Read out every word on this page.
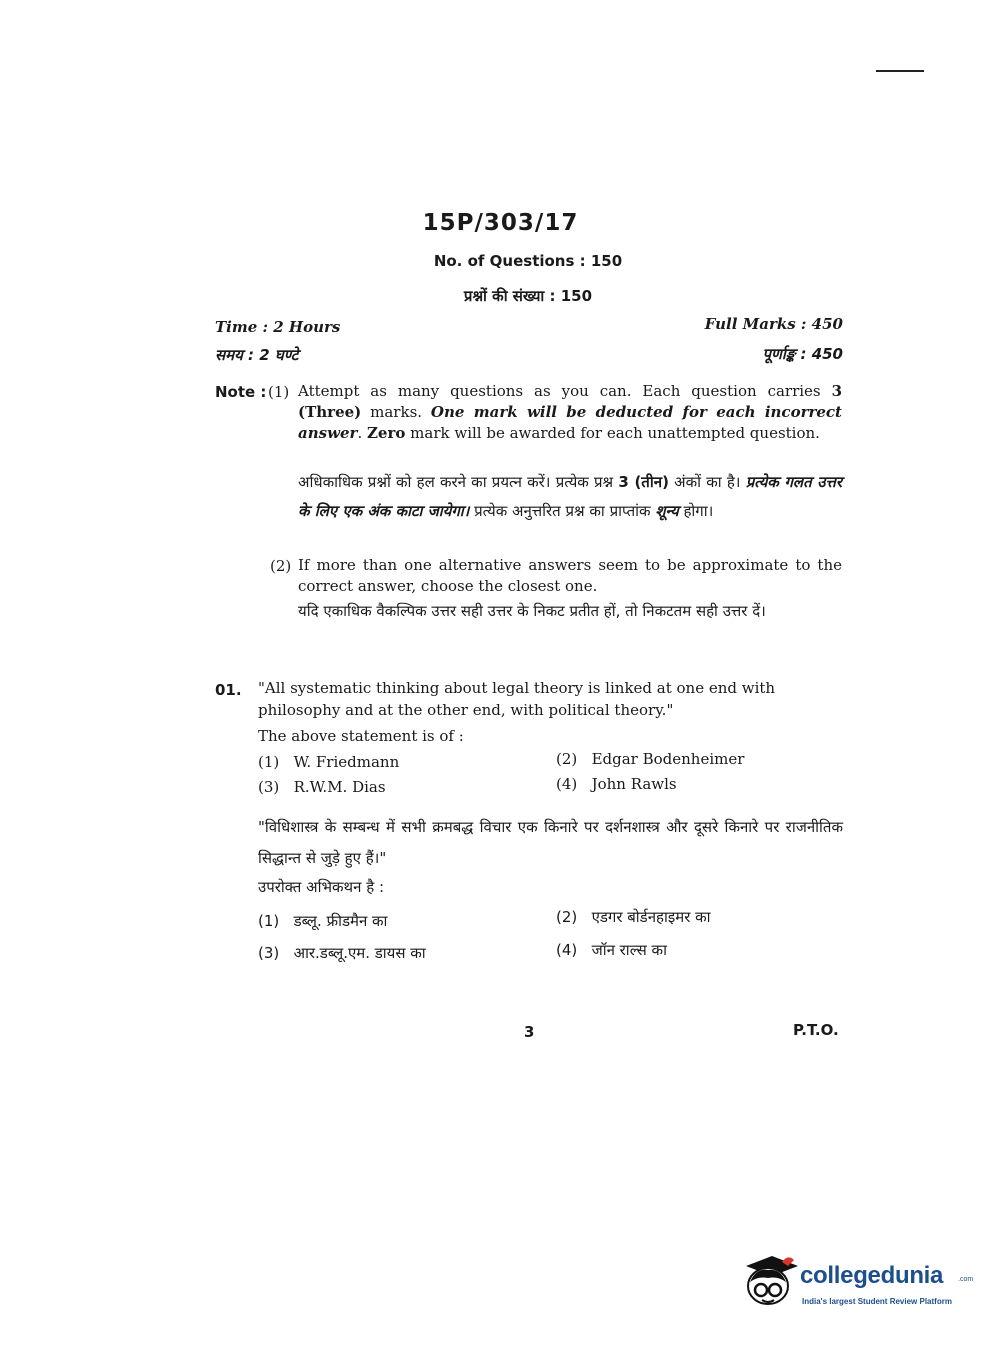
15P/303/17
No. of Questions : 150
प्रश्नों की संख्या : 150
Time : 2 Hours
समय : 2 घण्टे
Full Marks : 450
पूर्णाङ्क : 450
Note : (1) Attempt as many questions as you can. Each question carries 3 (Three) marks. One mark will be deducted for each incorrect answer. Zero mark will be awarded for each unattempted question.
अधिकाधिक प्रश्नों को हल करने का प्रयत्न करें। प्रत्येक प्रश्न 3 (तीन) अंकों का है। प्रत्येक गलत उत्तर के लिए एक अंक काटा जायेगा। प्रत्येक अनुत्तरित प्रश्न का प्राप्तांक शून्य होगा।
(2) If more than one alternative answers seem to be approximate to the correct answer, choose the closest one.
यदि एकाधिक वैकल्पिक उत्तर सही उत्तर के निकट प्रतीत हों, तो निकटतम सही उत्तर दें।
01. "All systematic thinking about legal theory is linked at one end with philosophy and at the other end, with political theory."
The above statement is of :
(1) W. Friedmann	(2) Edgar Bodenheimer
(3) R.W.M. Dias	(4) John Rawls
"विधिशास्त्र के सम्बन्ध में सभी क्रमबद्ध विचार एक किनारे पर दर्शनशास्त्र और दूसरे किनारे पर राजनीतिक सिद्धान्त से जुड़े हुए हैं।"
उपरोक्त अभिकथन है :
(1) डब्लू. फ्रीडमैन का	(2) एडगर बोर्डनहाइमर का
(3) आर.डब्लू.एम. डायस का	(4) जॉन राल्स का
3	P.T.O.
collegedunia .com
India's largest Student Review Platform
